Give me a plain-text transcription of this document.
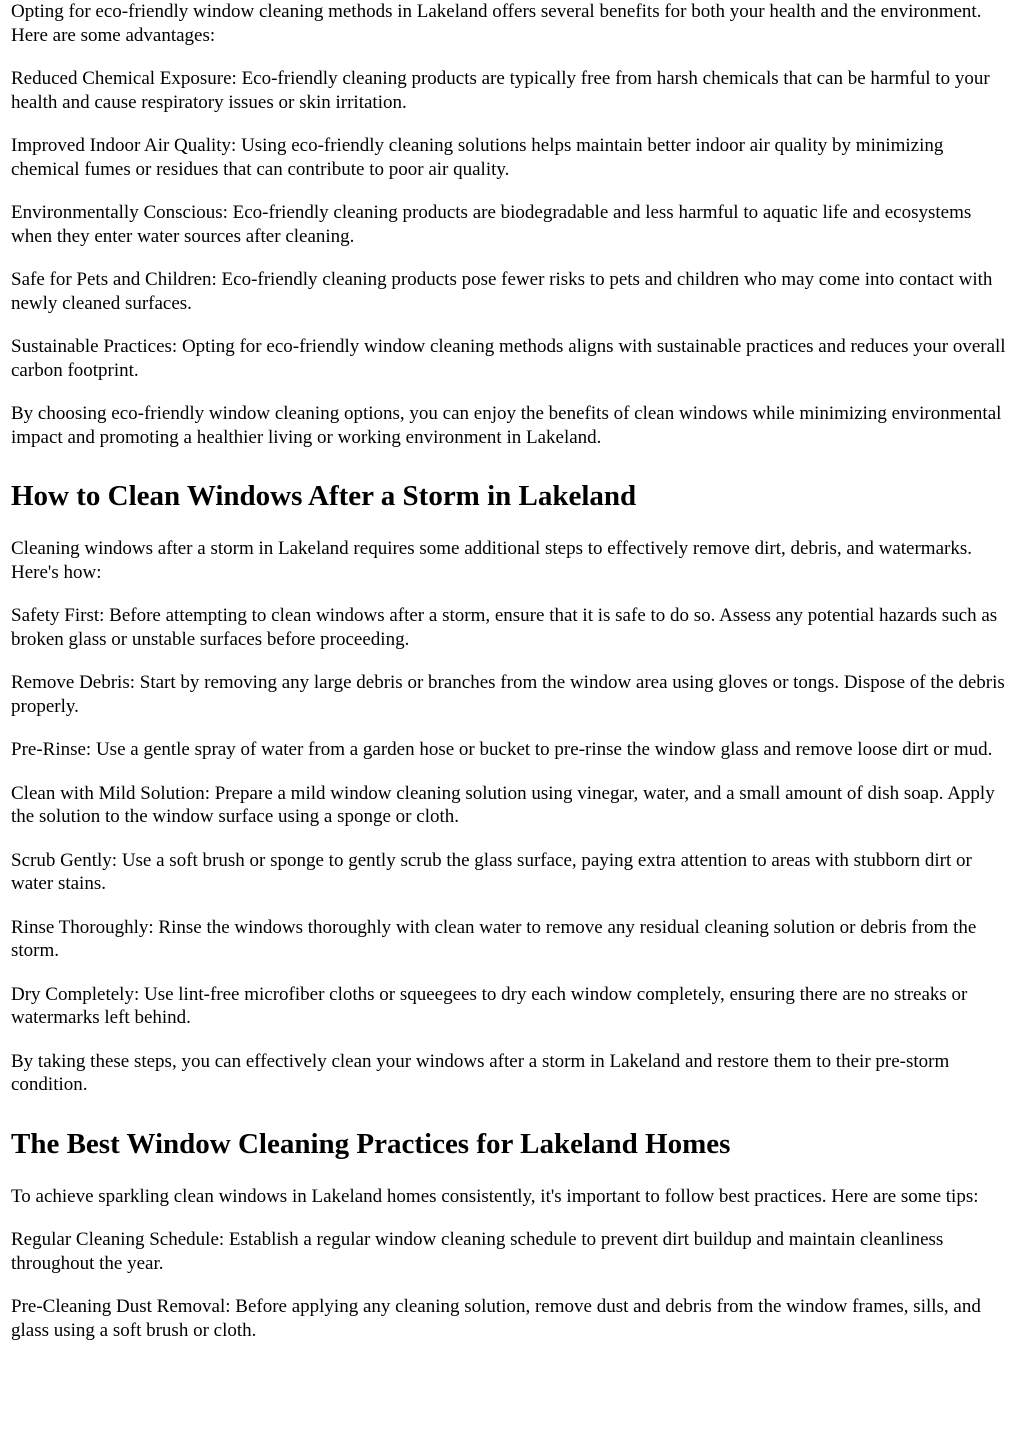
Opting for eco-friendly window cleaning methods in Lakeland offers several benefits for both your health and the environment. Here are some advantages:

Reduced Chemical Exposure: Eco-friendly cleaning products are typically free from harsh chemicals that can be harmful to your health and cause respiratory issues or skin irritation.

Improved Indoor Air Quality: Using eco-friendly cleaning solutions helps maintain better indoor air quality by minimizing chemical fumes or residues that can contribute to poor air quality.

Environmentally Conscious: Eco-friendly cleaning products are biodegradable and less harmful to aquatic life and ecosystems when they enter water sources after cleaning.

Safe for Pets and Children: Eco-friendly cleaning products pose fewer risks to pets and children who may come into contact with newly cleaned surfaces.

Sustainable Practices: Opting for eco-friendly window cleaning methods aligns with sustainable practices and reduces your overall carbon footprint.

By choosing eco-friendly window cleaning options, you can enjoy the benefits of clean windows while minimizing environmental impact and promoting a healthier living or working environment in Lakeland.

How to Clean Windows After a Storm in Lakeland

Cleaning windows after a storm in Lakeland requires some additional steps to effectively remove dirt, debris, and watermarks. Here's how:

Safety First: Before attempting to clean windows after a storm, ensure that it is safe to do so. Assess any potential hazards such as broken glass or unstable surfaces before proceeding.

Remove Debris: Start by removing any large debris or branches from the window area using gloves or tongs. Dispose of the debris properly.

Pre-Rinse: Use a gentle spray of water from a garden hose or bucket to pre-rinse the window glass and remove loose dirt or mud.

Clean with Mild Solution: Prepare a mild window cleaning solution using vinegar, water, and a small amount of dish soap. Apply the solution to the window surface using a sponge or cloth.

Scrub Gently: Use a soft brush or sponge to gently scrub the glass surface, paying extra attention to areas with stubborn dirt or water stains.

Rinse Thoroughly: Rinse the windows thoroughly with clean water to remove any residual cleaning solution or debris from the storm.

Dry Completely: Use lint-free microfiber cloths or squeegees to dry each window completely, ensuring there are no streaks or watermarks left behind.

By taking these steps, you can effectively clean your windows after a storm in Lakeland and restore them to their pre-storm condition.

The Best Window Cleaning Practices for Lakeland Homes

To achieve sparkling clean windows in Lakeland homes consistently, it's important to follow best practices. Here are some tips:

Regular Cleaning Schedule: Establish a regular window cleaning schedule to prevent dirt buildup and maintain cleanliness throughout the year.

Pre-Cleaning Dust Removal: Before applying any cleaning solution, remove dust and debris from the window frames, sills, and glass using a soft brush or cloth.
